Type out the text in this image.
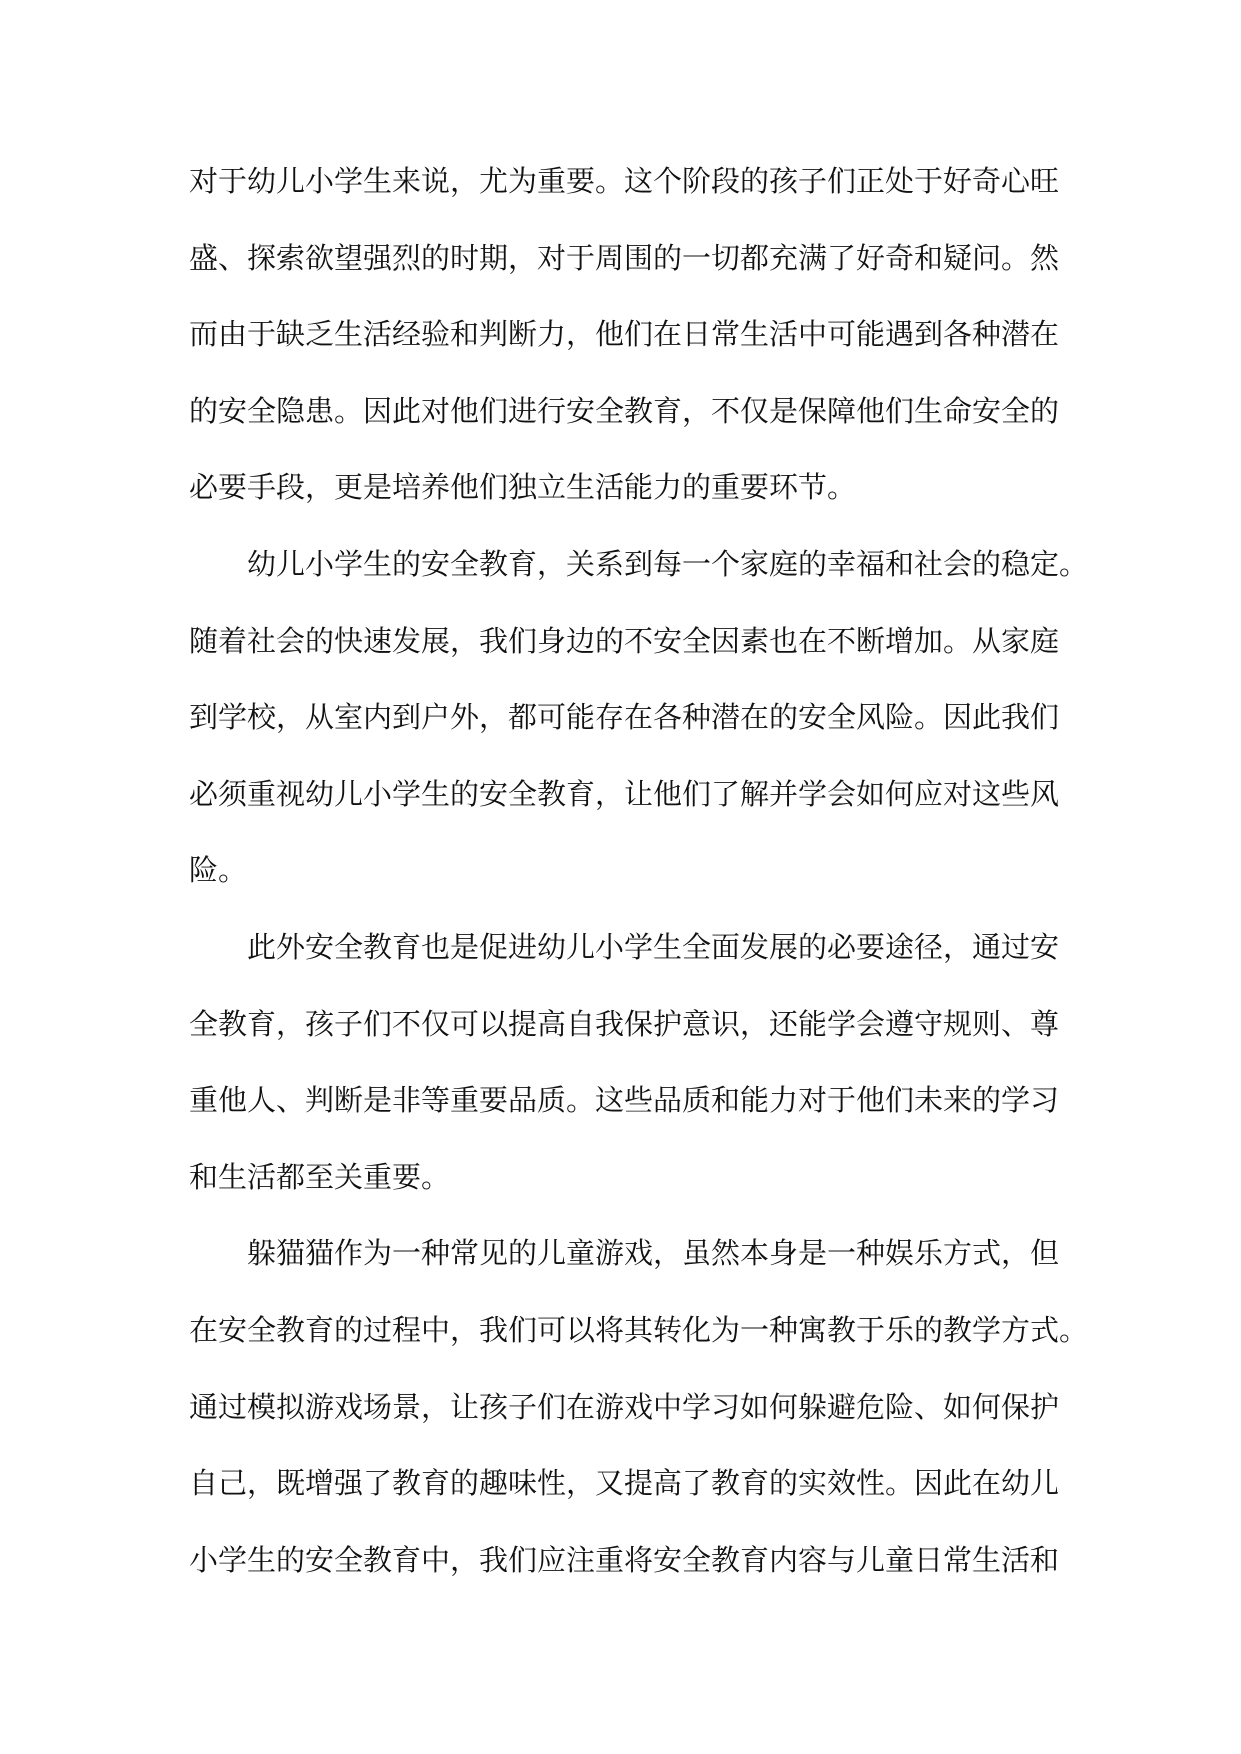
对于幼儿小学生来说，尤为重要。这个阶段的孩子们正处于好奇心旺
盛、探索欲望强烈的时期，对于周围的一切都充满了好奇和疑问。然
而由于缺乏生活经验和判断力，他们在日常生活中可能遇到各种潜在
的安全隐患。因此对他们进行安全教育，不仅是保障他们生命安全的
必要手段，更是培养他们独立生活能力的重要环节。
幼儿小学生的安全教育，关系到每一个家庭的幸福和社会的稳定。
随着社会的快速发展，我们身边的不安全因素也在不断增加。从家庭
到学校，从室内到户外，都可能存在各种潜在的安全风险。因此我们
必须重视幼儿小学生的安全教育，让他们了解并学会如何应对这些风
险。
此外安全教育也是促进幼儿小学生全面发展的必要途径，通过安
全教育，孩子们不仅可以提高自我保护意识，还能学会遵守规则、尊
重他人、判断是非等重要品质。这些品质和能力对于他们未来的学习
和生活都至关重要。
躲猫猫作为一种常见的儿童游戏，虽然本身是一种娱乐方式，但
在安全教育的过程中，我们可以将其转化为一种寓教于乐的教学方式。
通过模拟游戏场景，让孩子们在游戏中学习如何躲避危险、如何保护
自己，既增强了教育的趣味性，又提高了教育的实效性。因此在幼儿
小学生的安全教育中，我们应注重将安全教育内容与儿童日常生活和
